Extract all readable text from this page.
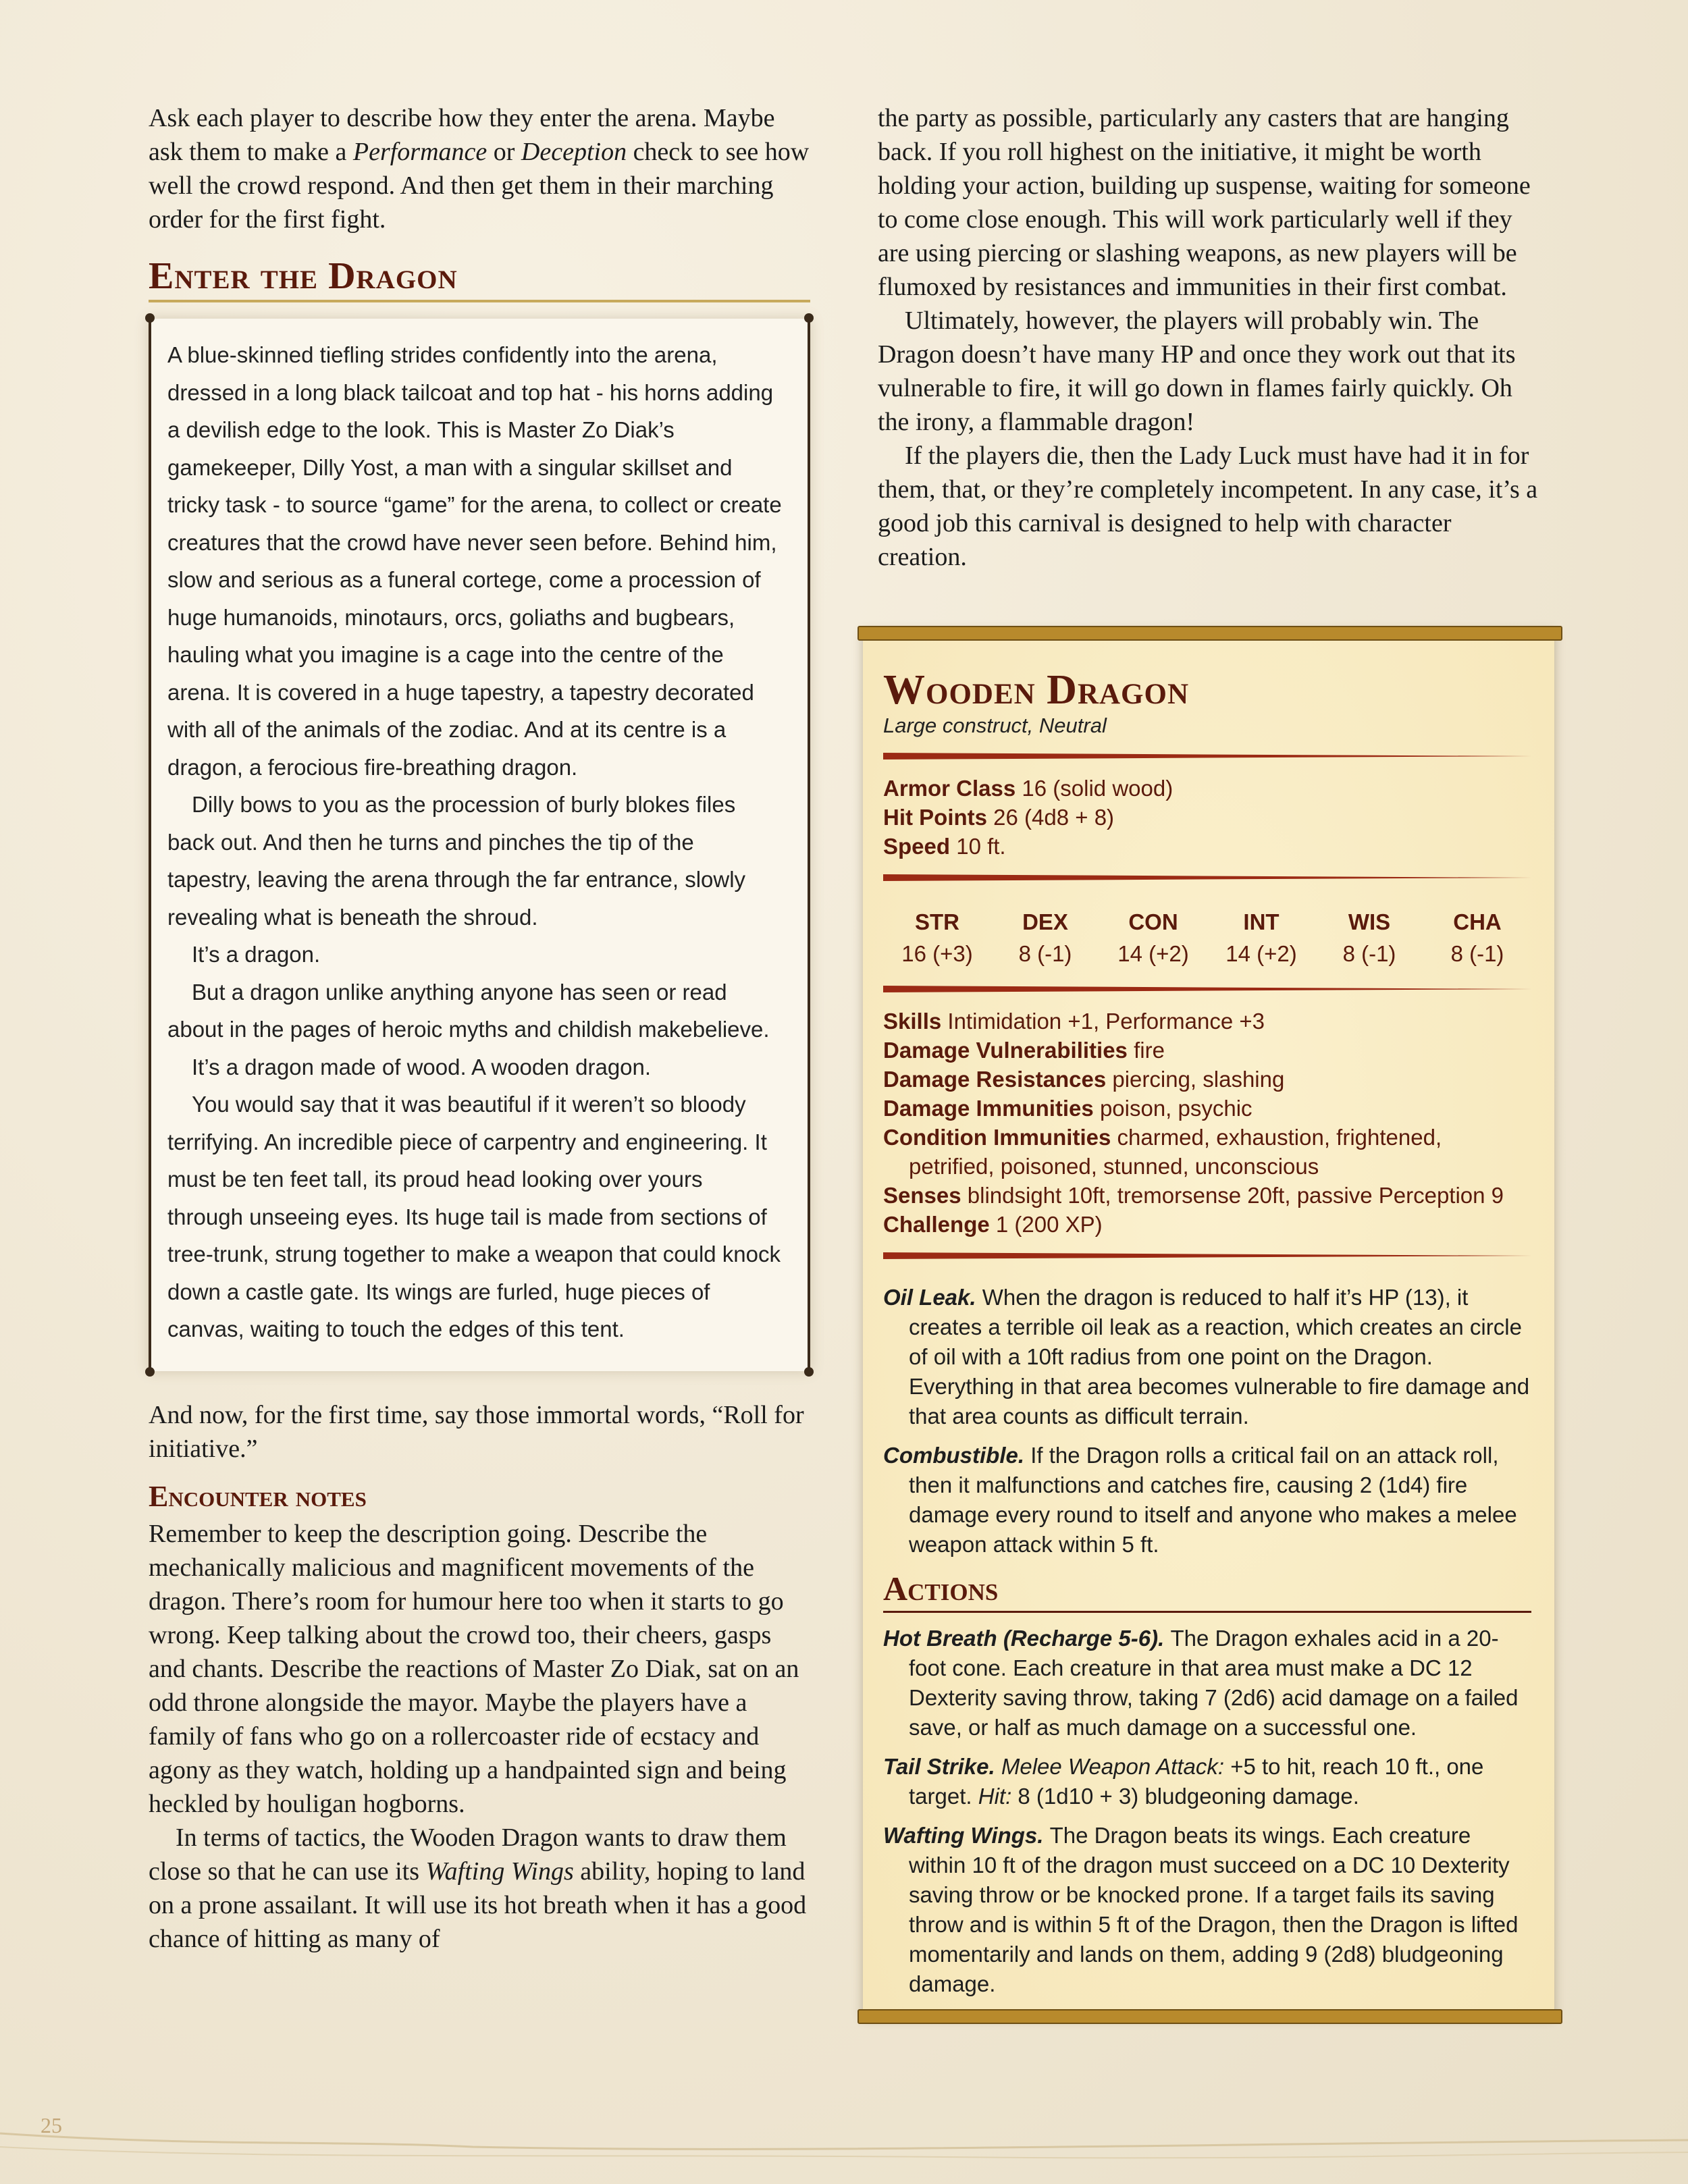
Ask each player to describe how they enter the arena. Maybe ask them to make a Performance or Deception check to see how well the crowd respond. And then get them in their marching order for the first fight.

Enter the Dragon

A blue-skinned tiefling strides confidently into the arena, dressed in a long black tailcoat and top hat - his horns adding a devilish edge to the look. This is Master Zo Diak’s gamekeeper, Dilly Yost, a man with a singular skillset and tricky task - to source “game” for the arena, to collect or create creatures that the crowd have never seen before. Behind him, slow and serious as a funeral cortege, come a procession of huge humanoids, minotaurs, orcs, goliaths and bugbears, hauling what you imagine is a cage into the centre of the arena. It is covered in a huge tapestry, a tapestry decorated with all of the animals of the zodiac. And at its centre is a dragon, a ferocious fire-breathing dragon.

Dilly bows to you as the procession of burly blokes files back out. And then he turns and pinches the tip of the tapestry, leaving the arena through the far entrance, slowly revealing what is beneath the shroud.

It’s a dragon.

But a dragon unlike anything anyone has seen or read about in the pages of heroic myths and childish makebelieve.

It’s a dragon made of wood. A wooden dragon.

You would say that it was beautiful if it weren’t so bloody terrifying. An incredible piece of carpentry and engineering. It must be ten feet tall, its proud head looking over yours through unseeing eyes. Its huge tail is made from sections of tree-trunk, strung together to make a weapon that could knock down a castle gate. Its wings are furled, huge pieces of canvas, waiting to touch the edges of this tent.

And now, for the first time, say those immortal words, “Roll for initiative.”

Encounter notes

Remember to keep the description going. Describe the mechanically malicious and magnificent movements of the dragon. There’s room for humour here too when it starts to go wrong. Keep talking about the crowd too, their cheers, gasps and chants. Describe the reactions of Master Zo Diak, sat on an odd throne alongside the mayor. Maybe the players have a family of fans who go on a rollercoaster ride of ecstacy and agony as they watch, holding up a handpainted sign and being heckled by houligan hogborns.

In terms of tactics, the Wooden Dragon wants to draw them close so that he can use its Wafting Wings ability, hoping to land on a prone assailant. It will use its hot breath when it has a good chance of hitting as many of

the party as possible, particularly any casters that are hanging back. If you roll highest on the initiative, it might be worth holding your action, building up suspense, waiting for someone to come close enough. This will work particularly well if they are using piercing or slashing weapons, as new players will be flumoxed by resistances and immunities in their first combat.

Ultimately, however, the players will probably win. The Dragon doesn’t have many HP and once they work out that its vulnerable to fire, it will go down in flames fairly quickly. Oh the irony, a flammable dragon!

If the players die, then the Lady Luck must have had it in for them, that, or they’re completely incompetent. In any case, it’s a good job this carnival is designed to help with character creation.

Wooden Dragon

Large construct, Neutral

Armor Class 16 (solid wood)

Hit Points 26 (4d8 + 8)

Speed 10 ft.

STR
16 (+3)
DEX
8 (-1)
CON
14 (+2)
INT
14 (+2)
WIS
8 (-1)
CHA
8 (-1)

Skills Intimidation +1, Performance +3

Damage Vulnerabilities fire

Damage Resistances piercing, slashing

Damage Immunities poison, psychic

Condition Immunities charmed, exhaustion, frightened, petrified, poisoned, stunned, unconscious

Senses blindsight 10ft, tremorsense 20ft, passive Perception 9

Challenge 1 (200 XP)

Oil Leak. When the dragon is reduced to half it’s HP (13), it creates a terrible oil leak as a reaction, which creates an circle of oil with a 10ft radius from one point on the Dragon. Everything in that area becomes vulnerable to fire damage and that area counts as difficult terrain.

Combustible. If the Dragon rolls a critical fail on an attack roll, then it malfunctions and catches fire, causing 2 (1d4) fire damage every round to itself and anyone who makes a melee weapon attack within 5 ft.

Actions

Hot Breath (Recharge 5-6). The Dragon exhales acid in a 20-foot cone. Each creature in that area must make a DC 12 Dexterity saving throw, taking 7 (2d6) acid damage on a failed save, or half as much damage on a successful one.

Tail Strike. Melee Weapon Attack: +5 to hit, reach 10 ft., one target. Hit: 8 (1d10 + 3) bludgeoning damage.

Wafting Wings. The Dragon beats its wings. Each creature within 10 ft of the dragon must succeed on a DC 10 Dexterity saving throw or be knocked prone. If a target fails its saving throw and is within 5 ft of the Dragon, then the Dragon is lifted momentarily and lands on them, adding 9 (2d8) bludgeoning damage.

25
